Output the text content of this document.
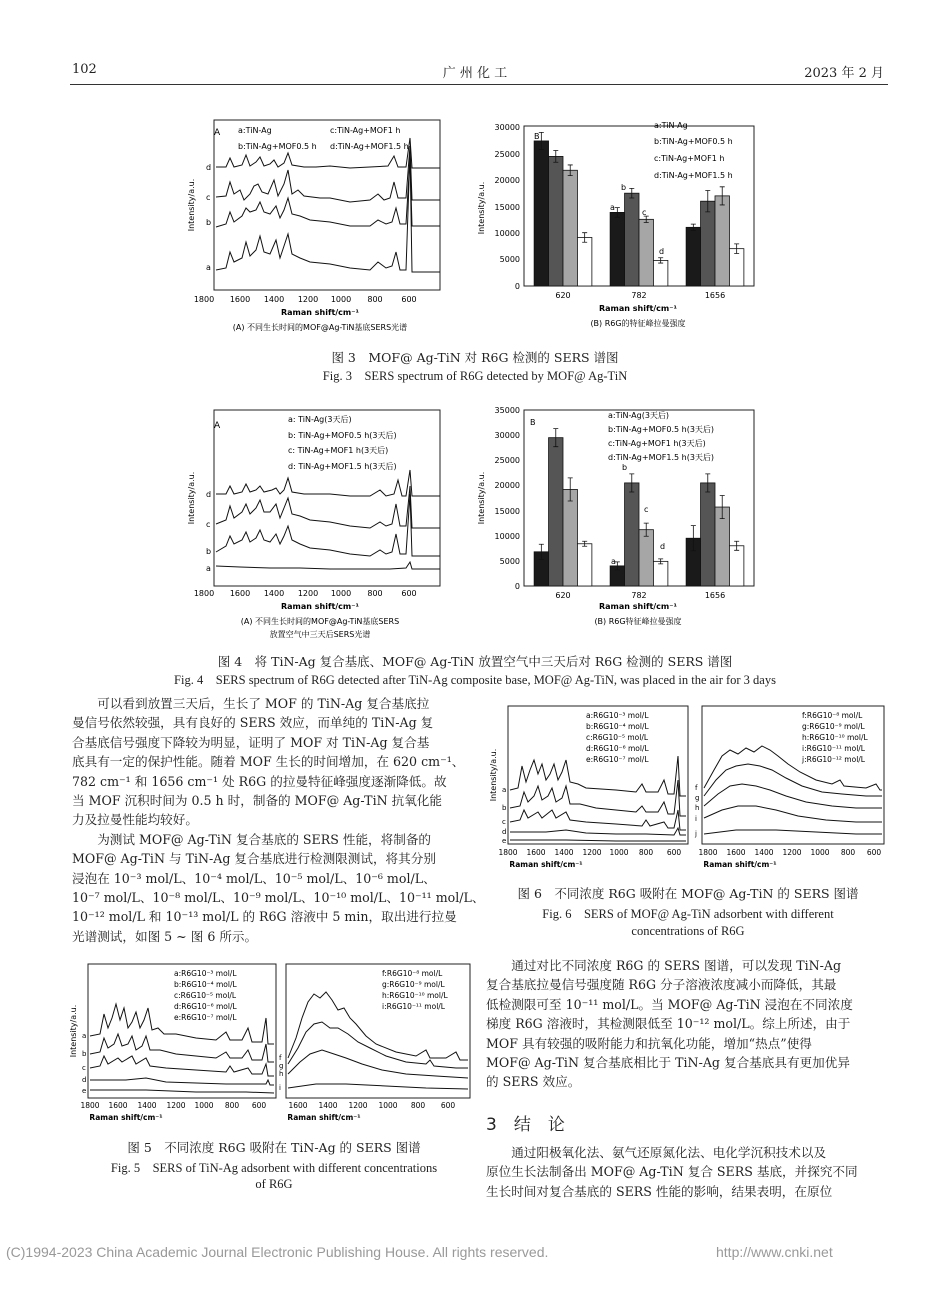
102	广 州 化 工	2023 年 2 月
A a:TiN-Ag
b:TiN-Ag+MOF0.5 h
c:TiN-Ag+MOF1 h
d:TiN-Ag+MOF1.5 h
d
c
b
a
Intensity/a.u.
1800 1600 1400 1200 1000 800 600
Raman shift/cm⁻¹
(A) 不同生长时间的MOF@Ag-TiN基底SERS光谱
B
a:TiN-Ag
b:TiN-Ag+MOF0.5 h
c:TiN-Ag+MOF1 h
d:TiN-Ag+MOF1.5 h
Intensity/a.u.
0
5000
10000
15000
20000
25000
30000
a
b
c
d
Raman shift/cm⁻¹
(B) R6G的特征峰拉曼强度
620	782	1656
图 3　MOF@ Ag-TiN 对 R6G 检测的 SERS 谱图
Fig. 3　SERS spectrum of R6G detected by MOF@ Ag-TiN
A
a: TiN-Ag(3天后)
b: TiN-Ag+MOF0.5 h(3天后)
c: TiN-Ag+MOF1 h(3天后)
d: TiN-Ag+MOF1.5 h(3天后)
d
c
b
a
Intensity/a.u.
1800 1600 1400 1200 1000 800 600
Raman shift/cm⁻¹
(A) 不同生长时间的MOF@Ag-TiN基底SERS
放置空气中三天后SERS光谱
B
a:TiN-Ag(3天后)
b:TiN-Ag+MOF0.5 h(3天后)
c:TiN-Ag+MOF1 h(3天后)
d:TiN-Ag+MOF1.5 h(3天后)
Intensity/a.u.
0
5000
10000
15000
20000
25000
30000
35000
a
b
c
d
Raman shift/cm⁻¹
(B) R6G特征峰拉曼强度
620	782	1656
图 4　将 TiN-Ag 复合基底、MOF@ Ag-TiN 放置空气中三天后对 R6G 检测的 SERS 谱图
Fig. 4　SERS spectrum of R6G detected after TiN-Ag composite base, MOF@ Ag-TiN, was placed in the air for 3 days
可以看到放置三天后，生长了 MOF 的 TiN-Ag 复合基底拉
曼信号依然较强，具有良好的 SERS 效应，而单纯的 TiN-Ag 复
合基底信号强度下降较为明显，证明了 MOF 对 TiN-Ag 复合基
底具有一定的保护性能。随着 MOF 生长的时间增加，在 620 cm⁻¹、
782 cm⁻¹ 和 1656 cm⁻¹ 处 R6G 的拉曼特征峰强度逐渐降低。故
当 MOF 沉积时间为 0.5 h 时，制备的 MOF@ Ag-TiN 抗氧化能
力及拉曼性能均较好。
为测试 MOF@ Ag-TiN 复合基底的 SERS 性能，将制备的
MOF@ Ag-TiN 与 TiN-Ag 复合基底进行检测限测试，将其分别
浸泡在 10⁻³ mol/L、10⁻⁴ mol/L、10⁻⁵ mol/L、10⁻⁶ mol/L、
10⁻⁷ mol/L、10⁻⁸ mol/L、10⁻⁹ mol/L、10⁻¹⁰ mol/L、10⁻¹¹ mol/L、
10⁻¹² mol/L 和 10⁻¹³ mol/L 的 R6G 溶液中 5 min，取出进行拉曼
光谱测试，如图 5 ~ 图 6 所示。
a:R6G10⁻³ mol/L
b:R6G10⁻⁴ mol/L
c:R6G10⁻⁵ mol/L
d:R6G10⁻⁶ mol/L
e:R6G10⁻⁷ mol/L
a
b
c
d
e
f:R6G10⁻⁸ mol/L
g:R6G10⁻⁹ mol/L
h:R6G10⁻¹⁰ mol/L
i:R6G10⁻¹¹ mol/L
f
g
h
i
Intensity/a.u.
1800 1600 1400 1200 1000 800 600	1600 1400 1200 1000 800 600
Raman shift/cm⁻¹	Raman shift/cm⁻¹
图 5　不同浓度 R6G 吸附在 TiN-Ag 的 SERS 图谱
Fig. 5　SERS of TiN-Ag adsorbent with different concentrations
of R6G
a:R6G10⁻³ mol/L
b:R6G10⁻⁴ mol/L
c:R6G10⁻⁵ mol/L
d:R6G10⁻⁶ mol/L
e:R6G10⁻⁷ mol/L
a
b
c
d
e
f:R6G10⁻⁸ mol/L
g:R6G10⁻⁹ mol/L
h:R6G10⁻¹⁰ mol/L
i:R6G10⁻¹¹ mol/L
j:R6G10⁻¹² mol/L
f
g
h
i
j
Intensity/a.u.
1800 1600 1400 1200 1000 800 600 1800 1600 1400 1200 1000 800 600
Raman shift/cm⁻¹	Raman shift/cm⁻¹
图 6　不同浓度 R6G 吸附在 MOF@ Ag-TiN 的 SERS 图谱
Fig. 6　SERS of MOF@ Ag-TiN adsorbent with different
concentrations of R6G
通过对比不同浓度 R6G 的 SERS 图谱，可以发现 TiN-Ag
复合基底拉曼信号强度随 R6G 分子溶液浓度减小而降低，其最
低检测限可至 10⁻¹¹ mol/L。当 MOF@ Ag-TiN 浸泡在不同浓度
梯度 R6G 溶液时，其检测限低至 10⁻¹² mol/L。综上所述，由于
MOF 具有较强的吸附能力和抗氧化功能，增加“热点”使得
MOF@ Ag-TiN 复合基底相比于 TiN-Ag 复合基底具有更加优异
的 SERS 效应。
3　结　论
通过阳极氧化法、氨气还原氮化法、电化学沉积技术以及
原位生长法制备出 MOF@ Ag-TiN 复合 SERS 基底，并探究不同
生长时间对复合基底的 SERS 性能的影响，结果表明，在原位
(C)1994-2023 China Academic Journal Electronic Publishing House. All rights reserved.	http://www.cnki.net
